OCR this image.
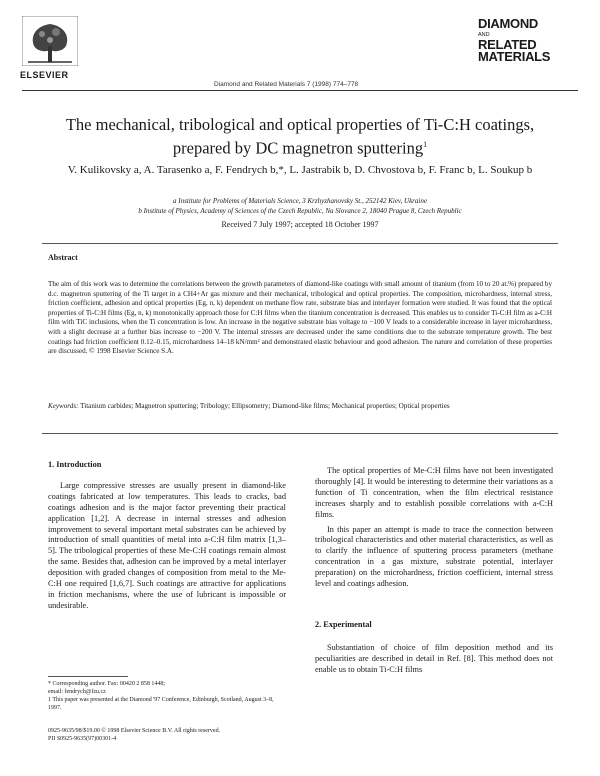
ELSEVIER
Diamond and Related Materials 7 (1998) 774–778
DIAMOND
AND
RELATED
MATERIALS
The mechanical, tribological and optical properties of Ti-C:H coatings,
prepared by DC magnetron sputtering$^1$
V. Kulikovsky a, A. Tarasenko a, F. Fendrych b,*, L. Jastrabik b, D. Chvostova b, F. Franc b, L. Soukup b
a Institute for Problems of Materials Science, 3 Krzhyzhanovsky St., 252142 Kiev, Ukraine
b Institute of Physics, Academy of Sciences of the Czech Republic, Na Slovance 2, 18040 Prague 8, Czech Republic
Received 7 July 1997; accepted 18 October 1997
Abstract
The aim of this work was to determine the correlations between the growth parameters of diamond-like coatings with small amount of titanium (from 10 to 20 at.%) prepared by d.c. magnetron sputtering of the Ti target in a CH4+Ar gas mixture and their mechanical, tribological and optical properties. The composition, microhardness, internal stress, friction coefficient, adhesion and optical properties (Eg, n, k) dependent on methane flow rate, substrate bias and interlayer formation were studied. It was found that the optical properties of Ti-C:H films (Eg, n, k) monotonically approach those for C:H films when the titanium concentration is decreased. This enables us to consider Ti-C:H film as a-C:H film with TiC inclusions, when the Ti concentration is low. An increase in the negative substrate bias voltage to −100 V leads to a considerable increase in layer microhardness, with a slight decrease at a further bias increase to −200 V. The internal stresses are decreased under the same conditions due to the substrate temperature growth. The best coatings had friction coefficient 0.12–0.15, microhardness 14–18 kN/mm² and demonstrated elastic behaviour and good adhesion. The nature and correlation of these properties are discussed. © 1998 Elsevier Science S.A.
Keywords: Titanium carbides; Magnetron sputtering; Tribology; Ellipsometry; Diamond-like films; Mechanical properties; Optical properties
1. Introduction

Large compressive stresses are usually present in diamond-like coatings fabricated at low temperatures. This leads to cracks, bad coatings adhesion and is the major factor preventing their practical application [1,2]. A decrease in internal stresses and adhesion improvement to several important metal substrates can be achieved by introduction of small quantities of metal into a-C:H film matrix [1,3–5]. The tribological properties of these Me-C:H coatings remain almost the same. Besides that, adhesion can be improved by a metal interlayer deposition with graded changes of composition from metal to the Me-C:H one required [1,6,7]. Such coatings are attractive for applications in friction mechanisms, where the use of lubricant is impossible or undesirable.

The optical properties of Me-C:H films have not been investigated thoroughly [4]. It would be interesting to determine their variations as a function of Ti concentration, when the film electrical resistance increases sharply and to establish possible correlations with a-C:H films.

In this paper an attempt is made to trace the connection between tribological characteristics and other material characteristics, as well as to clarify the influence of sputtering process parameters (methane concentration in a gas mixture, substrate potential, interlayer preparation) on the microhardness, friction coefficient, internal stress level and coatings adhesion.

2. Experimental

Substantiation of choice of film deposition method and its peculiarities are described in detail in Ref. [8]. This method does not enable us to obtain Ti-C:H films

* Corresponding author. Fax: 00420 2 858 1448;
email: fendrych@fzu.cz
1 This paper was presented at the Diamond '97 Conference, Edinburgh, Scotland, August 3–8, 1997.
0925-9635/98/$19.00 © 1998 Elsevier Science B.V. All rights reserved.
PII S0925-9635(97)00301-4
